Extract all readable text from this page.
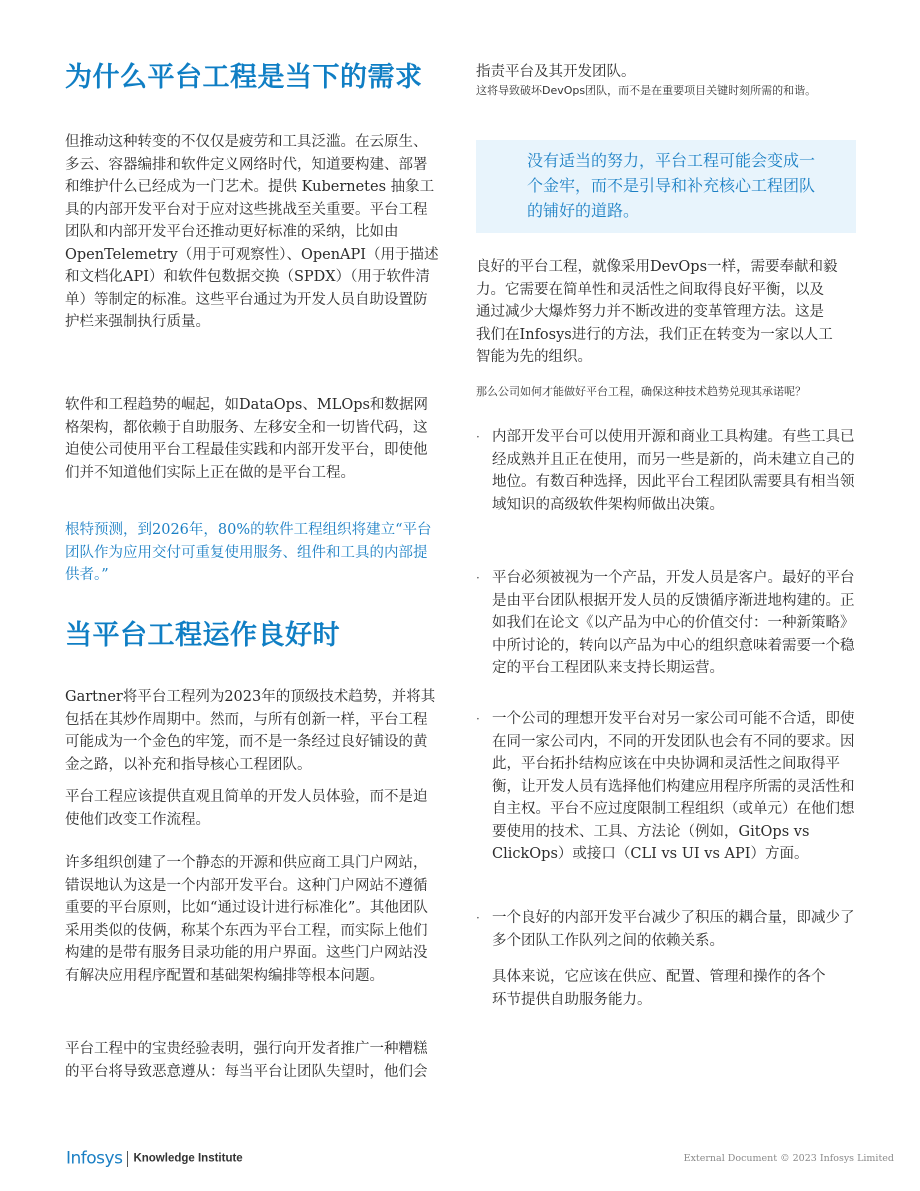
为什么平台工程是当下的需求

但推动这种转变的不仅仅是疲劳和工具泛滥。在云原生、多云、容器编排和软件定义网络时代，知道要构建、部署和维护什么已经成为一门艺术。提供 Kubernetes 抽象工具的内部开发平台对于应对这些挑战至关重要。平台工程团队和内部开发平台还推动更好标准的采纳，比如由 OpenTelemetry（用于可观察性）、OpenAPI（用于描述和文档化API）和软件包数据交换（SPDX）（用于软件清单）等制定的标准。这些平台通过为开发人员自助设置防护栏来强制执行质量。

软件和工程趋势的崛起，如DataOps、MLOps和数据网格架构，都依赖于自助服务、左移安全和一切皆代码，这迫使公司使用平台工程最佳实践和内部开发平台，即使他们并不知道他们实际上正在做的是平台工程。

根特预测，到2026年，80%的软件工程组织将建立“平台团队作为应用交付可重复使用服务、组件和工具的内部提供者。”

当平台工程运作良好时

Gartner将平台工程列为2023年的顶级技术趋势，并将其包括在其炒作周期中。然而，与所有创新一样，平台工程可能成为一个金色的牢笼，而不是一条经过良好铺设的黄金之路，以补充和指导核心工程团队。

平台工程应该提供直观且简单的开发人员体验，而不是迫使他们改变工作流程。

许多组织创建了一个静态的开源和供应商工具门户网站，错误地认为这是一个内部开发平台。这种门户网站不遵循重要的平台原则，比如“通过设计进行标准化”。其他团队采用类似的伎俩，称某个东西为平台工程，而实际上他们构建的是带有服务目录功能的用户界面。这些门户网站没有解决应用程序配置和基础架构编排等根本问题。

平台工程中的宝贵经验表明，强行向开发者推广一种糟糕的平台将导致恶意遵从：每当平台让团队失望时，他们会

指责平台及其开发团队。

这将导致破坏DevOps团队，而不是在重要项目关键时刻所需的和谐。

没有适当的努力，平台工程可能会变成一个金牢，而不是引导和补充核心工程团队的铺好的道路。

良好的平台工程，就像采用DevOps一样，需要奉献和毅力。它需要在简单性和灵活性之间取得良好平衡，以及通过减少大爆炸努力并不断改进的变革管理方法。这是我们在Infosys进行的方法，我们正在转变为一家以人工智能为先的组织。

那么公司如何才能做好平台工程，确保这种技术趋势兑现其承诺呢？

· 内部开发平台可以使用开源和商业工具构建。有些工具已经成熟并且正在使用，而另一些是新的，尚未建立自己的地位。有数百种选择，因此平台工程团队需要具有相当领域知识的高级软件架构师做出决策。

· 平台必须被视为一个产品，开发人员是客户。最好的平台是由平台团队根据开发人员的反馈循序渐进地构建的。正如我们在论文《以产品为中心的价值交付：一种新策略》中所讨论的，转向以产品为中心的组织意味着需要一个稳定的平台工程团队来支持长期运营。

· 一个公司的理想开发平台对另一家公司可能不合适，即使在同一家公司内，不同的开发团队也会有不同的要求。因此，平台拓扑结构应该在中央协调和灵活性之间取得平衡，让开发人员有选择他们构建应用程序所需的灵活性和自主权。平台不应过度限制工程组织（或单元）在他们想要使用的技术、工具、方法论（例如，GitOps vs ClickOps）或接口（CLI vs UI vs API）方面。

· 一个良好的内部开发平台减少了积压的耦合量，即减少了多个团队工作队列之间的依赖关系。

具体来说，它应该在供应、配置、管理和操作的各个环节提供自助服务能力。

Infosys Knowledge Institute	External Document © 2023 Infosys Limited
